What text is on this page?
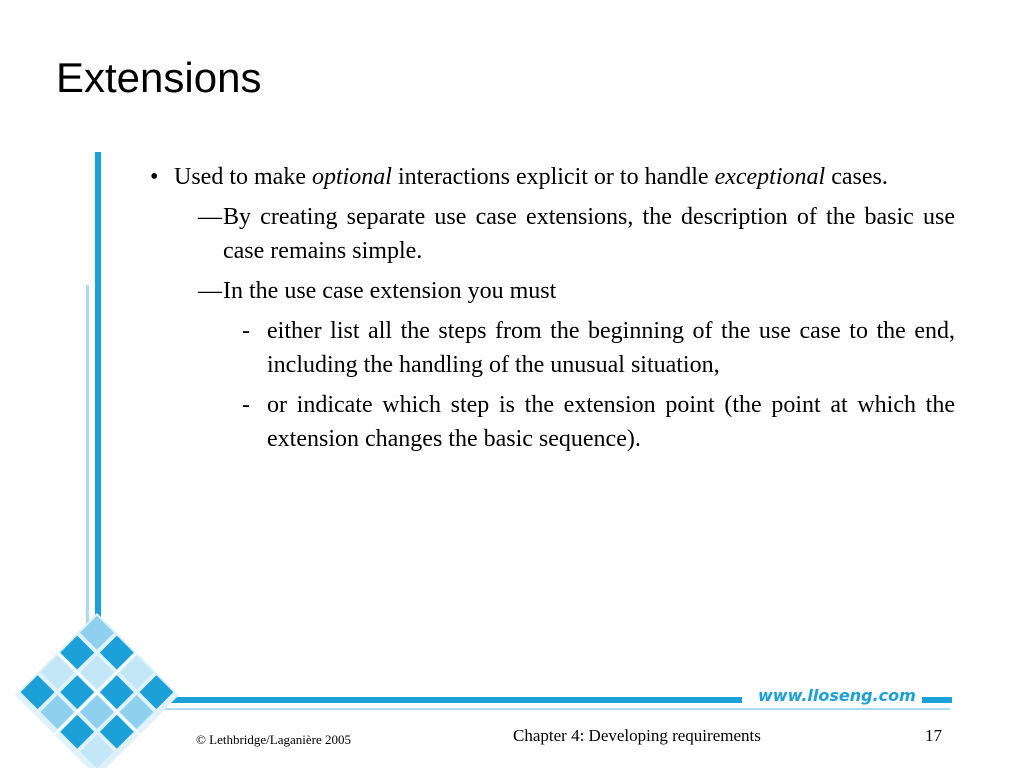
Extensions
www.lloseng.com
• Used to make optional interactions explicit or to handle exceptional cases.
— By creating separate use case extensions, the description of the basic use case remains simple.
— In the use case extension you must
- either list all the steps from the beginning of the use case to the end, including the handling of the unusual situation,
- or indicate which step is the extension point (the point at which the extension changes the basic sequence).
© Lethbridge/Laganière 2005	Chapter 4: Developing requirements	17
